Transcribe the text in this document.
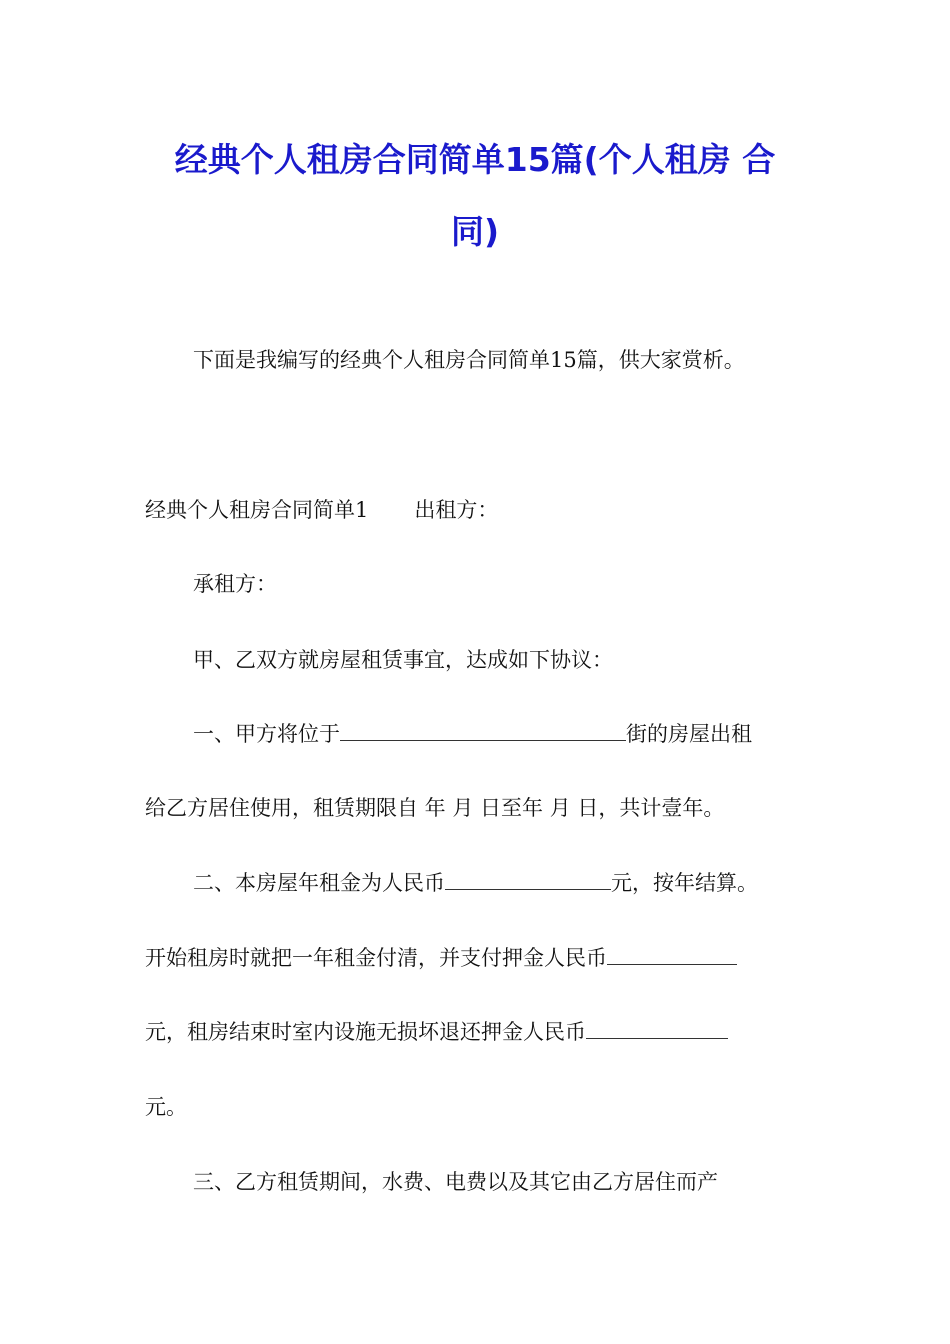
经典个人租房合同简单15篇(个人租房 合
同)

下面是我编写的经典个人租房合同简单15篇，供大家赏析。

经典个人租房合同简单1 出租方：

承租方：

甲、乙双方就房屋租赁事宜，达成如下协议：

一、甲方将位于	街的房屋出租

给乙方居住使用，租赁期限自 年 月 日至年 月 日，共计壹年。

二、本房屋年租金为人民币	元，按年结算。

开始租房时就把一年租金付清，并支付押金人民币

元，租房结束时室内设施无损坏退还押金人民币

元。

三、乙方租赁期间，水费、电费以及其它由乙方居住而产
